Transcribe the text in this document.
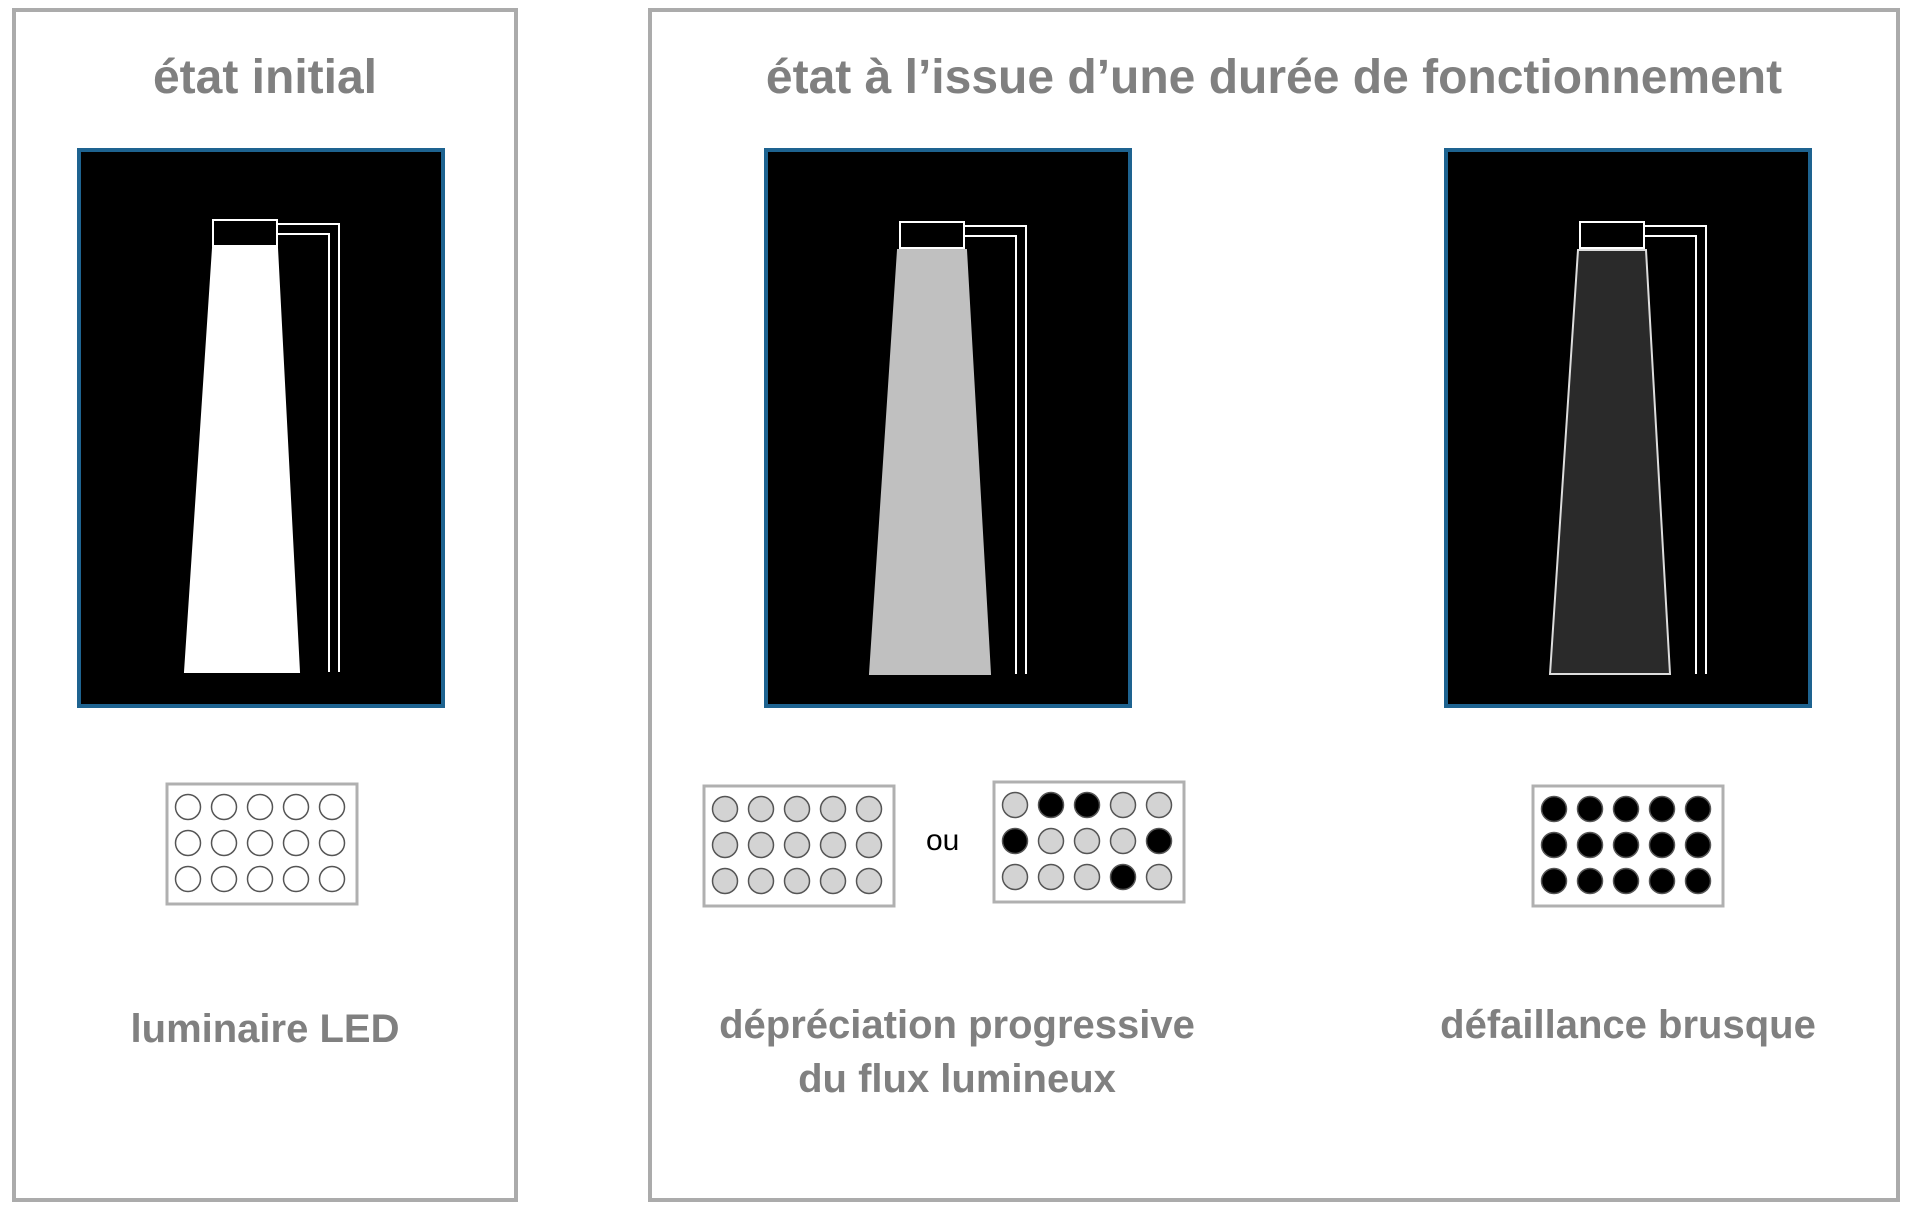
état initial
luminaire LED
état à l’issue d’une durée de fonctionnement
ou
dépréciation progressive
du flux lumineux
défaillance brusque
